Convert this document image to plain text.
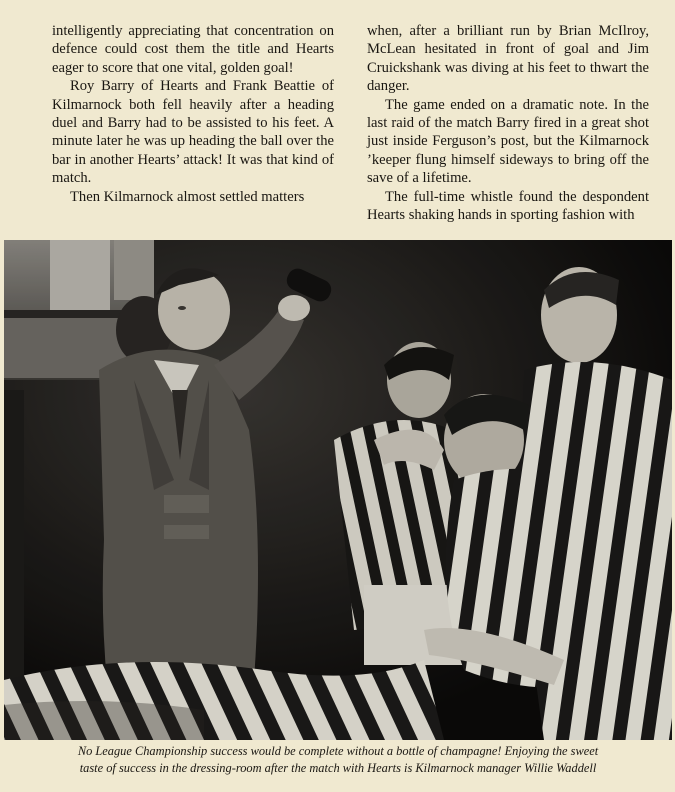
intelligently appreciating that concentration on defence could cost them the title and Hearts eager to score that one vital, golden goal!

Roy Barry of Hearts and Frank Beattie of Kilmarnock both fell heavily after a heading duel and Barry had to be assisted to his feet. A minute later he was up heading the ball over the bar in another Hearts’ attack! It was that kind of match.

Then Kilmarnock almost settled matters

when, after a brilliant run by Brian McIlroy, McLean hesitated in front of goal and Jim Cruickshank was diving at his feet to thwart the danger.

The game ended on a dramatic note. In the last raid of the match Barry fired in a great shot just inside Ferguson’s post, but the Kilmarnock ’keeper flung himself sideways to bring off the save of a lifetime.

The full-time whistle found the despondent Hearts shaking hands in sporting fashion with

No League Championship success would be complete without a bottle of champagne! Enjoying the sweet
taste of success in the dressing-room after the match with Hearts is Kilmarnock manager Willie Waddell
